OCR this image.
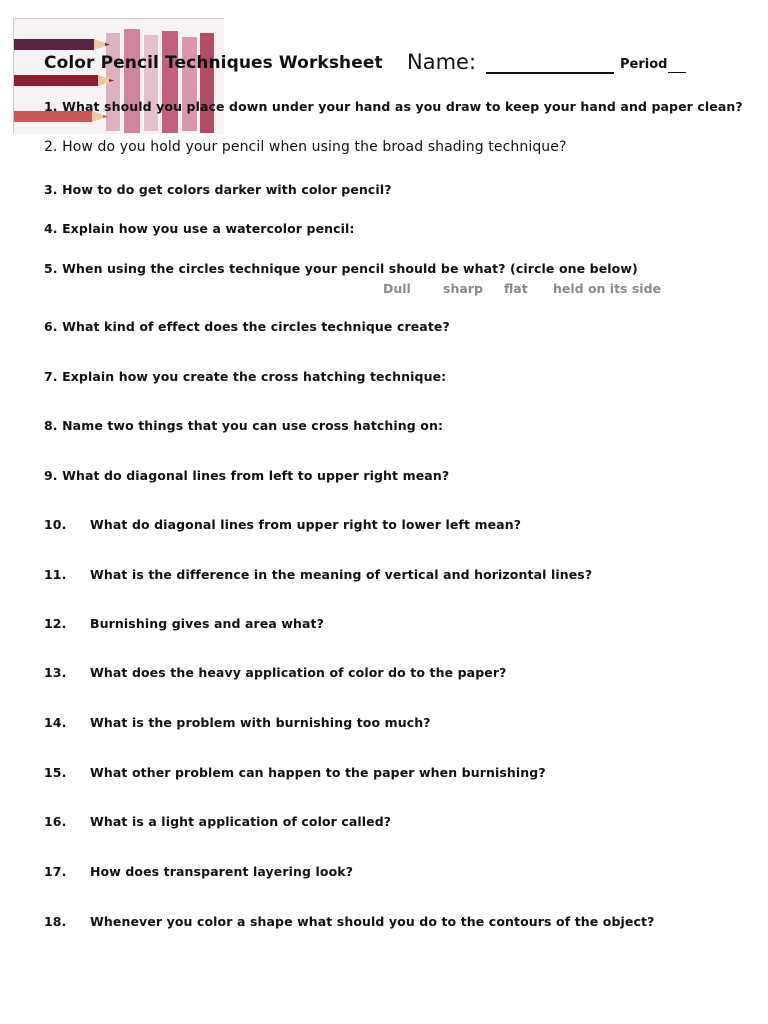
Color Pencil Techniques Worksheet Name:	Period
1. What should you place down under your hand as you draw to keep your hand and paper clean?
2. How do you hold your pencil when using the broad shading technique?
3. How to do get colors darker with color pencil?
4. Explain how you use a watercolor pencil:
5. When using the circles technique your pencil should be what? (circle one below)
Dull	sharp flat held on its side
6. What kind of effect does the circles technique create?
7. Explain how you create the cross hatching technique:
8. Name two things that you can use cross hatching on:
9. What do diagonal lines from left to upper right mean?
10. What do diagonal lines from upper right to lower left mean?
11. What is the difference in the meaning of vertical and horizontal lines?
12. Burnishing gives and area what?
13. What does the heavy application of color do to the paper?
14. What is the problem with burnishing too much?
15. What other problem can happen to the paper when burnishing?
16. What is a light application of color called?
17. How does transparent layering look?
18. Whenever you color a shape what should you do to the contours of the object?
